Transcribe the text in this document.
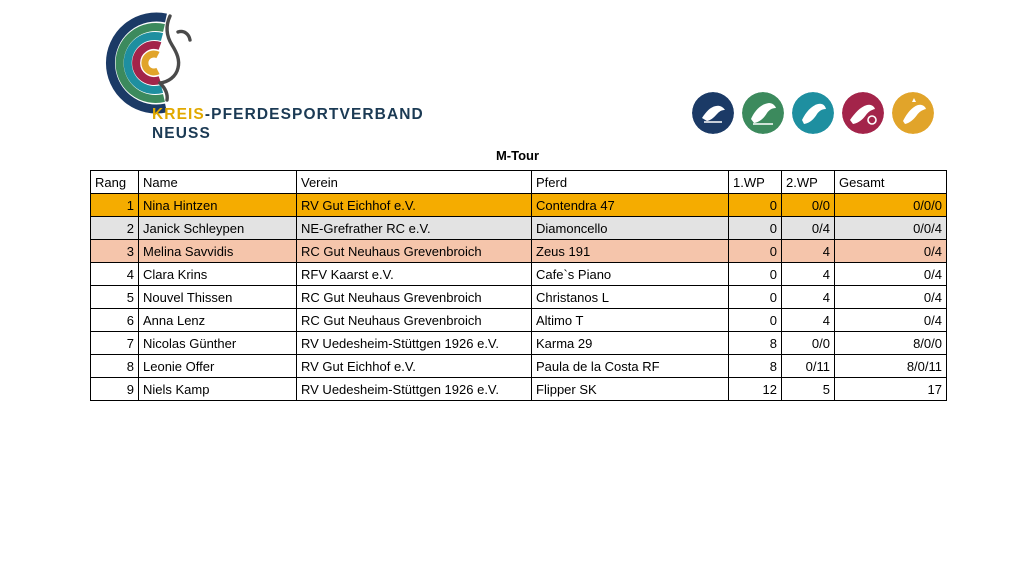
KREIS-PFERDESPORTVERBAND
NEUSS
M-Tour
Rang	Name	Verein	Pferd	1.WP	2.WP	Gesamt
1	Nina Hintzen	RV Gut Eichhof e.V.	Contendra 47	0	0/0	0/0/0
2	Janick Schleypen	NE-Grefrather RC e.V.	Diamoncello	0	0/4	0/0/4
3	Melina Savvidis	RC Gut Neuhaus Grevenbroich	Zeus 191	0	4	0/4
4	Clara Krins	RFV Kaarst e.V.	Cafe`s Piano	0	4	0/4
5	Nouvel Thissen	RC Gut Neuhaus Grevenbroich	Christanos L	0	4	0/4
6	Anna Lenz	RC Gut Neuhaus Grevenbroich	Altimo T	0	4	0/4
7	Nicolas Günther	RV Uedesheim-Stüttgen 1926 e.V.	Karma 29	8	0/0	8/0/0
8	Leonie Offer	RV Gut Eichhof e.V.	Paula de la Costa RF	8	0/11	8/0/11
9	Niels Kamp	RV Uedesheim-Stüttgen 1926 e.V.	Flipper SK	12	5	17
